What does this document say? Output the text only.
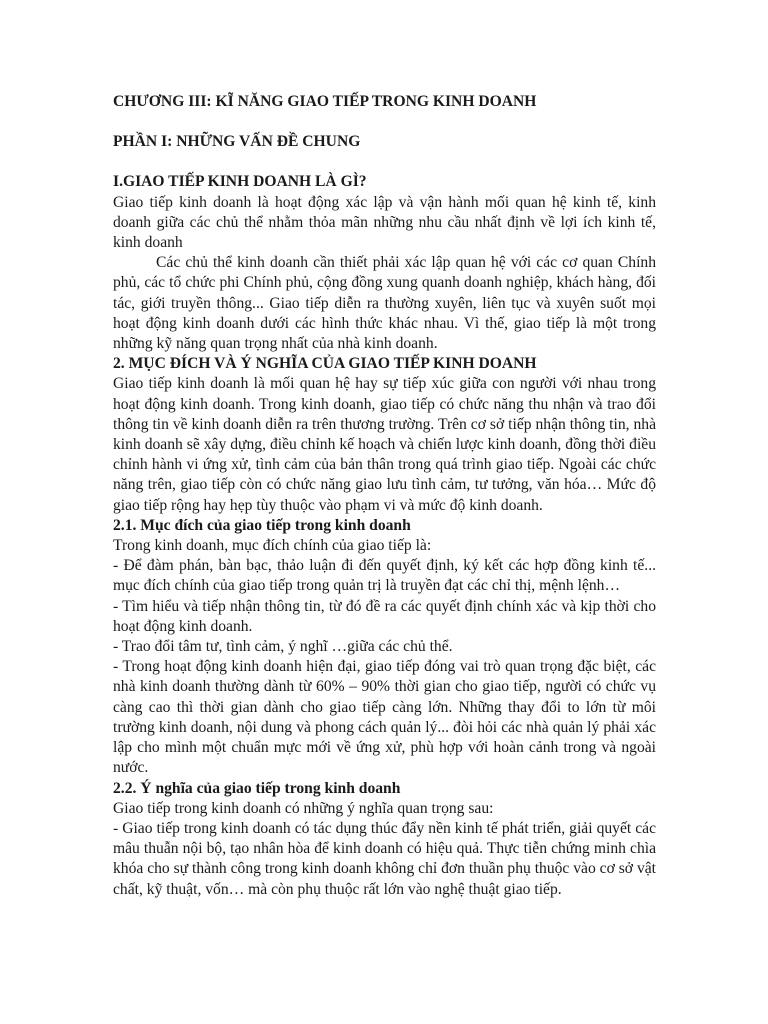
CHƯƠNG III: KĨ NĂNG GIAO TIẾP TRONG KINH DOANH

PHẦN I: NHỮNG VẤN ĐỀ CHUNG

I.GIAO TIẾP KINH DOANH LÀ GÌ?

Giao tiếp kinh doanh là hoạt động xác lập và vận hành mối quan hệ kinh tế, kinh doanh giữa các chủ thể nhằm thỏa mãn những nhu cầu nhất định về lợi ích kinh tế, kinh doanh

Các chủ thể kinh doanh cần thiết phải xác lập quan hệ với các cơ quan Chính phủ, các tổ chức phi Chính phủ, cộng đồng xung quanh doanh nghiệp, khách hàng, đối tác, giới truyền thông... Giao tiếp diễn ra thường xuyên, liên tục và xuyên suốt mọi hoạt động kinh doanh dưới các hình thức khác nhau. Vì thế, giao tiếp là một trong những kỹ năng quan trọng nhất của nhà kinh doanh.

2. MỤC ĐÍCH VÀ Ý NGHĨA CỦA GIAO TIẾP KINH DOANH

Giao tiếp kinh doanh là mối quan hệ hay sự tiếp xúc giữa con người với nhau trong hoạt động kinh doanh. Trong kinh doanh, giao tiếp có chức năng thu nhận và trao đổi thông tin về kinh doanh diễn ra trên thương trường. Trên cơ sở tiếp nhận thông tin, nhà kinh doanh sẽ xây dựng, điều chỉnh kế hoạch và chiến lược kinh doanh, đồng thời điều chỉnh hành vi ứng xử, tình cảm của bản thân trong quá trình giao tiếp. Ngoài các chức năng trên, giao tiếp còn có chức năng giao lưu tình cảm, tư tưởng, văn hóa… Mức độ giao tiếp rộng hay hẹp tùy thuộc vào phạm vi và mức độ kinh doanh.

2.1. Mục đích của giao tiếp trong kinh doanh

Trong kinh doanh, mục đích chính của giao tiếp là:

- Để đàm phán, bàn bạc, thảo luận đi đến quyết định, ký kết các hợp đồng kinh tế... mục đích chính của giao tiếp trong quản trị là truyền đạt các chỉ thị, mệnh lệnh…

- Tìm hiểu và tiếp nhận thông tin, từ đó đề ra các quyết định chính xác và kịp thời cho hoạt động kinh doanh.

- Trao đổi tâm tư, tình cảm, ý nghĩ …giữa các chủ thể.

- Trong hoạt động kinh doanh hiện đại, giao tiếp đóng vai trò quan trọng đặc biệt, các nhà kinh doanh thường dành từ 60% – 90% thời gian cho giao tiếp, người có chức vụ càng cao thì thời gian dành cho giao tiếp càng lớn. Những thay đổi to lớn từ môi trường kinh doanh, nội dung và phong cách quản lý... đòi hỏi các nhà quản lý phải xác lập cho mình một chuẩn mực mới về ứng xử, phù hợp với hoàn cảnh trong và ngoài nước.

2.2. Ý nghĩa của giao tiếp trong kinh doanh

Giao tiếp trong kinh doanh có những ý nghĩa quan trọng sau:

- Giao tiếp trong kinh doanh có tác dụng thúc đẩy nền kinh tế phát triển, giải quyết các mâu thuẫn nội bộ, tạo nhân hòa để kinh doanh có hiệu quả. Thực tiễn chứng minh chìa khóa cho sự thành công trong kinh doanh không chỉ đơn thuần phụ thuộc vào cơ sở vật chất, kỹ thuật, vốn… mà còn phụ thuộc rất lớn vào nghệ thuật giao tiếp.
